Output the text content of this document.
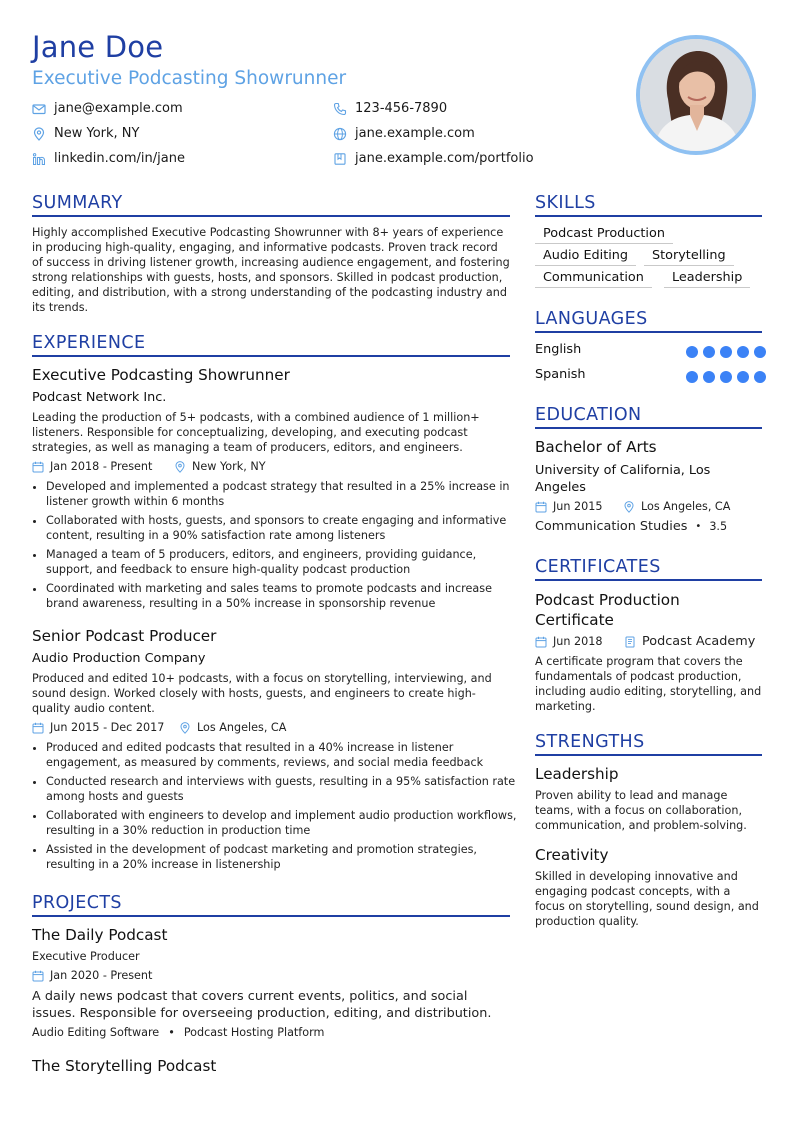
Jane Doe
Executive Podcasting Showrunner
jane@example.com	123-456-7890
New York, NY	jane.example.com
linkedin.com/in/jane	jane.example.com/portfolio
SUMMARY
Highly accomplished Executive Podcasting Showrunner with 8+ years of experience in producing high-quality, engaging, and informative podcasts. Proven track record of success in driving listener growth, increasing audience engagement, and fostering strong relationships with guests, hosts, and sponsors. Skilled in podcast production, editing, and distribution, with a strong understanding of the podcasting industry and its trends.
EXPERIENCE
Executive Podcasting Showrunner
Podcast Network Inc.
Leading the production of 5+ podcasts, with a combined audience of 1 million+ listeners. Responsible for conceptualizing, developing, and executing podcast strategies, as well as managing a team of producers, editors, and engineers.
Jan 2018 - Present	New York, NY
• Developed and implemented a podcast strategy that resulted in a 25% increase in listener growth within 6 months
• Collaborated with hosts, guests, and sponsors to create engaging and informative content, resulting in a 90% satisfaction rate among listeners
• Managed a team of 5 producers, editors, and engineers, providing guidance, support, and feedback to ensure high-quality podcast production
• Coordinated with marketing and sales teams to promote podcasts and increase brand awareness, resulting in a 50% increase in sponsorship revenue
Senior Podcast Producer
Audio Production Company
Produced and edited 10+ podcasts, with a focus on storytelling, interviewing, and sound design. Worked closely with hosts, guests, and engineers to create high-quality audio content.
Jun 2015 - Dec 2017	Los Angeles, CA
• Produced and edited podcasts that resulted in a 40% increase in listener engagement, as measured by comments, reviews, and social media feedback
• Conducted research and interviews with guests, resulting in a 95% satisfaction rate among hosts and guests
• Collaborated with engineers to develop and implement audio production workflows, resulting in a 30% reduction in production time
• Assisted in the development of podcast marketing and promotion strategies, resulting in a 20% increase in listenership
PROJECTS
The Daily Podcast
Executive Producer
Jan 2020 - Present
A daily news podcast that covers current events, politics, and social issues. Responsible for overseeing production, editing, and distribution.
Audio Editing Software • Podcast Hosting Platform
The Storytelling Podcast
SKILLS
Podcast Production
Audio Editing	Storytelling
Communication	Leadership
LANGUAGES
English
Spanish
EDUCATION
Bachelor of Arts
University of California, Los Angeles
Jun 2015	Los Angeles, CA
Communication Studies • 3.5
CERTIFICATES
Podcast Production Certificate
Jun 2018	Podcast Academy
A certificate program that covers the fundamentals of podcast production, including audio editing, storytelling, and marketing.
STRENGTHS
Leadership
Proven ability to lead and manage teams, with a focus on collaboration, communication, and problem-solving.
Creativity
Skilled in developing innovative and engaging podcast concepts, with a focus on storytelling, sound design, and production quality.
